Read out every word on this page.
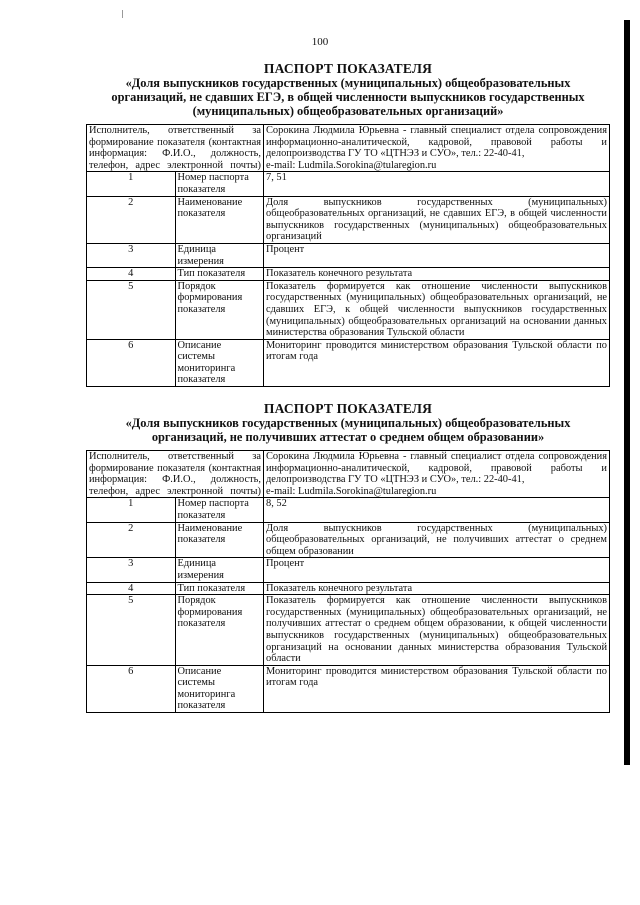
100
ПАСПОРТ ПОКАЗАТЕЛЯ
«Доля выпускников государственных (муниципальных) общеобразовательных организаций, не сдавших ЕГЭ, в общей численности выпускников государственных (муниципальных) общеобразовательных организаций»
Исполнитель, ответственный за формирование показателя (контактная информация: Ф.И.О., должность, телефон, адрес электронной почты)		Сорокина Людмила Юрьевна - главный специалист отдела сопровождения информационно-аналитической, кадровой, правовой работы и делопроизводства ГУ ТО «ЦТНЭЗ и СУО», тел.: 22-40-41,
e-mail: Ludmila.Sorokina@tularegion.ru

1	Номер паспорта показателя	7, 51
2	Наименование показателя	Доля выпускников государственных (муниципальных) общеобразовательных организаций, не сдавших ЕГЭ, в общей численности выпускников государственных (муниципальных) общеобразовательных организаций
3	Единица измерения	Процент
4	Тип показателя	Показатель конечного результата
5	Порядок формирования показателя	Показатель формируется как отношение численности выпускников государственных (муниципальных) общеобразовательных организаций, не сдавших ЕГЭ, к общей численности выпускников государственных (муниципальных) общеобразовательных организаций на основании данных министерства образования Тульской области
6	Описание системы мониторинга показателя	Мониторинг проводится министерством образования Тульской области по итогам года
ПАСПОРТ ПОКАЗАТЕЛЯ
«Доля выпускников государственных (муниципальных) общеобразовательных организаций, не получивших аттестат о среднем общем образовании»
Исполнитель, ответственный за формирование показателя (контактная информация: Ф.И.О., должность, телефон, адрес электронной почты)		Сорокина Людмила Юрьевна - главный специалист отдела сопровождения информационно-аналитической, кадровой, правовой работы и делопроизводства ГУ ТО «ЦТНЭЗ и СУО», тел.: 22-40-41,
e-mail: Ludmila.Sorokina@tularegion.ru

1	Номер паспорта показателя	8, 52
2	Наименование показателя	Доля выпускников государственных (муниципальных) общеобразовательных организаций, не получивших аттестат о среднем общем образовании
3	Единица измерения	Процент
4	Тип показателя	Показатель конечного результата
5	Порядок формирования показателя	Показатель формируется как отношение численности выпускников государственных (муниципальных) общеобразовательных организаций, не получивших аттестат о среднем общем образовании, к общей численности выпускников государственных (муниципальных) общеобразовательных организаций на основании данных министерства образования Тульской области
6	Описание системы мониторинга показателя	Мониторинг проводится министерством образования Тульской области по итогам года
